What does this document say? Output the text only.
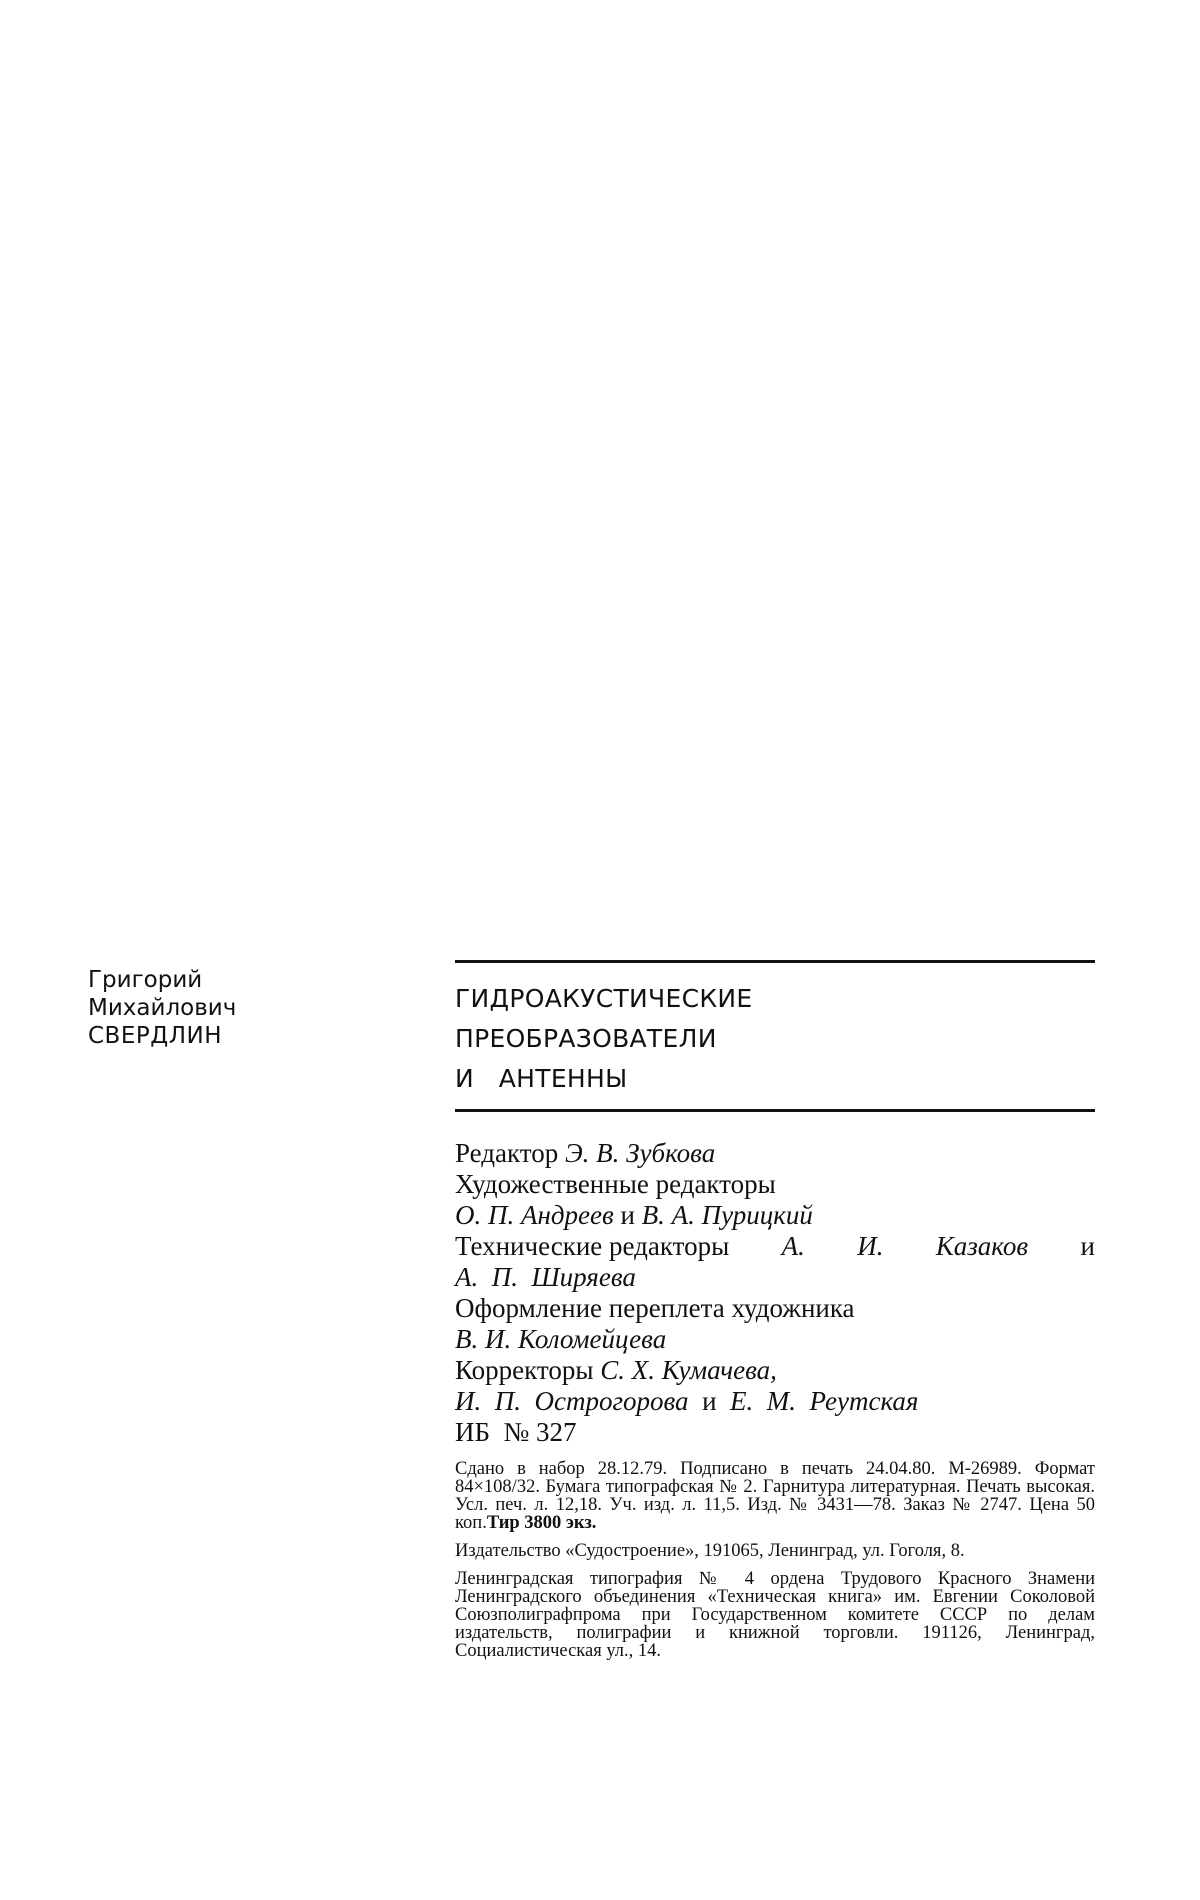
Григорий
Михайлович
СВЕРДЛИН
ГИДРОАКУСТИЧЕСКИЕ
ПРЕОБРАЗОВАТЕЛИ
И   АНТЕННЫ
Редактор Э. В. Зубкова
Художественные редакторы
О. П. Андреев и В. А. Пурицкий
Технические редакторы А. И. Казаков и
А.  П.  Ширяева
Оформление переплета художника
В. И. Коломейцева
Корректоры С. Х. Кумачева,
И.  П.  Острогорова и Е.  М.  Реутская
ИБ  № 327
Сдано в набор 28.12.79. Подписано в печать 24.04.80. М-26989. Формат 84×108/32. Бумага типографская № 2. Гарнитура литературная. Печать высокая. Усл. печ. л. 12,18. Уч. изд. л. 11,5. Изд. № 3431—78. Заказ № 2747. Цена 50 коп.Тир 3800 экз.
Издательство «Судостроение», 191065, Ленинград, ул. Гоголя, 8.
Ленинградская типография № 4 ордена Трудового Красного Знамени Ленинградского объединения «Техническая книга» им. Евгении Соколовой Союзполиграфпрома при Государственном комитете СССР по делам издательств, полиграфии и книжной торговли. 191126, Ленинград, Социалистическая ул., 14.
